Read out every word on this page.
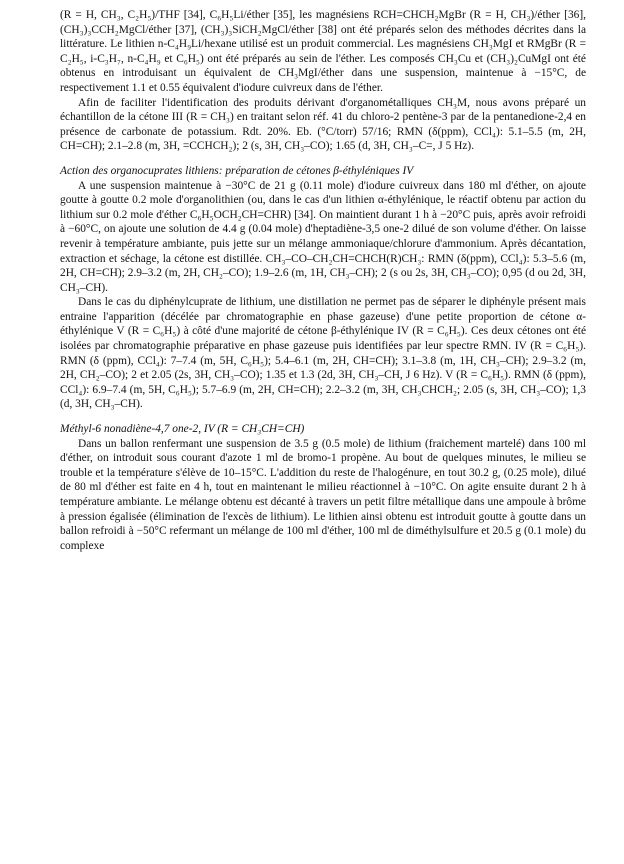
(R = H, CH₃, C₂H₅)/THF [34], C₆H₅Li/éther [35], les magnésiens RCH=CHCH₂MgBr (R = H, CH₃)/éther [36], (CH₃)₃CCH₂MgCl/éther [37], (CH₃)₃SiCH₂MgCl/éther [38] ont été préparés selon des méthodes décrites dans la littérature. Le lithien n-C₄H₉Li/hexane utilisé est un produit commercial. Les magnésiens CH₃MgI et RMgBr (R = C₂H₅, i-C₃H₇, n-C₄H₉ et C₆H₅) ont été préparés au sein de l'éther. Les composés CH₃Cu et (CH₃)₂CuMgI ont été obtenus en introduisant un équivalent de CH₃MgI/éther dans une suspension, maintenue à −15°C, de respectivement 1.1 et 0.55 équivalent d'iodure cuivreux dans de l'éther.

Afin de faciliter l'identification des produits dérivant d'organométalliques CH₃M, nous avons préparé un échantillon de la cétone III (R = CH₃) en traitant selon réf. 41 du chloro-2 pentène-3 par de la pentanedione-2,4 en présence de carbonate de potassium. Rdt. 20%. Eb. (°C/torr) 57/16; RMN (δ(ppm), CCl₄): 5.1–5.5 (m, 2H, CH=CH); 2.1–2.8 (m, 3H, =CCHCH₂); 2 (s, 3H, CH₃–CO); 1.65 (d, 3H, CH₃–C=, J 5 Hz).

Action des organocuprates lithiens: préparation de cétones β-éthyléniques IV

A une suspension maintenue à −30°C de 21 g (0.11 mole) d'iodure cuivreux dans 180 ml d'éther, on ajoute goutte à goutte 0.2 mole d'organolithien (ou, dans le cas d'un lithien α-éthylénique, le réactif obtenu par action du lithium sur 0.2 mole d'éther C₆H₅OCH₂CH=CHR) [34]. On maintient durant 1 h à −20°C puis, après avoir refroidi à −60°C, on ajoute une solution de 4.4 g (0.04 mole) d'heptadiène-3,5 one-2 dilué de son volume d'éther. On laisse revenir à température ambiante, puis jette sur un mélange ammoniaque/chlorure d'ammonium. Après décantation, extraction et séchage, la cétone est distillée. CH₃–CO–CH₂CH=CHCH(R)CH₃: RMN (δ(ppm), CCl₄): 5.3–5.6 (m, 2H, CH=CH); 2.9–3.2 (m, 2H, CH₂–CO); 1.9–2.6 (m, 1H, CH₃–CH); 2 (s ou 2s, 3H, CH₃–CO); 0,95 (d ou 2d, 3H, CH₃–CH).

Dans le cas du diphénylcuprate de lithium, une distillation ne permet pas de séparer le diphényle présent mais entraine l'apparition (décélée par chromatographie en phase gazeuse) d'une petite proportion de cétone α-éthylénique V (R = C₆H₅) à côté d'une majorité de cétone β-éthylénique IV (R = C₆H₅). Ces deux cétones ont été isolées par chromatographie préparative en phase gazeuse puis identifiées par leur spectre RMN. IV (R = C₆H₅). RMN (δ (ppm), CCl₄): 7–7.4 (m, 5H, C₆H₅); 5.4–6.1 (m, 2H, CH=CH); 3.1–3.8 (m, 1H, CH₃–CH); 2.9–3.2 (m, 2H, CH₂–CO); 2 et 2.05 (2s, 3H, CH₃–CO); 1.35 et 1.3 (2d, 3H, CH₃–CH, J 6 Hz). V (R = C₆H₅). RMN (δ (ppm), CCl₄): 6.9–7.4 (m, 5H, C₆H₅); 5.7–6.9 (m, 2H, CH=CH); 2.2–3.2 (m, 3H, CH₃CHCH₂; 2.05 (s, 3H, CH₃–CO); 1,3 (d, 3H, CH₃–CH).

Méthyl-6 nonadiène-4,7 one-2, IV (R = CH₃CH=CH)

Dans un ballon renfermant une suspension de 3.5 g (0.5 mole) de lithium (fraichement martelé) dans 100 ml d'éther, on introduit sous courant d'azote 1 ml de bromo-1 propène. Au bout de quelques minutes, le milieu se trouble et la température s'élève de 10–15°C. L'addition du reste de l'halogénure, en tout 30.2 g, (0.25 mole), dilué de 80 ml d'éther est faite en 4 h, tout en maintenant le milieu réactionnel à −10°C. On agite ensuite durant 2 h à température ambiante. Le mélange obtenu est décanté à travers un petit filtre métallique dans une ampoule à brôme à pression égalisée (élimination de l'excès de lithium). Le lithien ainsi obtenu est introduit goutte à goutte dans un ballon refroidi à −50°C refermant un mélange de 100 ml d'éther, 100 ml de diméthylsulfure et 20.5 g (0.1 mole) du complexe
